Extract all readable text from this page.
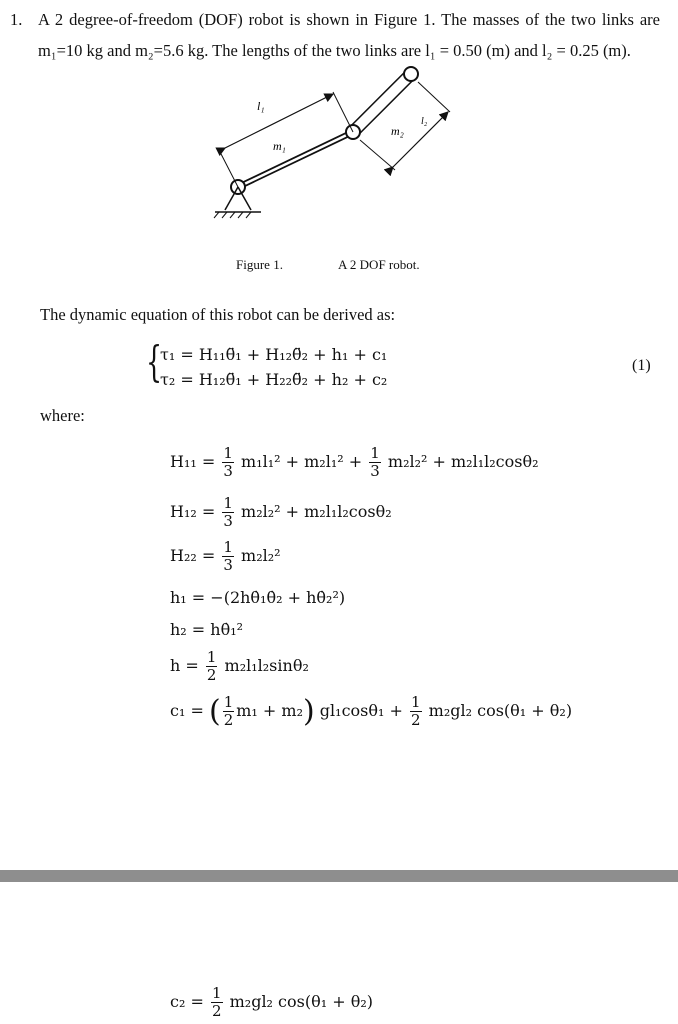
1. A 2 degree-of-freedom (DOF) robot is shown in Figure 1. The masses of the two links are m₁=10 kg and m₂=5.6 kg. The lengths of the two links are l₁ = 0.50 (m) and l₂ = 0.25 (m).
l₁
m₁
m₂
l₂
Figure 1.	A 2 DOF robot.
The dynamic equation of this robot can be derived as:
{
τ₁ = H₁₁θ̈₁ + H₁₂θ̈₂ + h₁ + c₁
τ₂ = H₁₂θ̈₁ + H₂₂θ̈₂ + h₂ + c₂
(1)
where:
$H_{11} = \frac{1}{3} m_1l_1^2 + m_2l_1^2 + \frac{1}{3} m_2l_2^2 + m_2l_1l_2\cos\theta_2$
$H_{12} = \frac{1}{3} m_2l_2^2 + m_2l_1l_2\cos\theta_2$
$H_{22} = \frac{1}{3} m_2l_2^2$
h₁ = −(2hθ̇₁θ̇₂ + hθ̇₂²)
h₂ = hθ̇₁²
$h = \frac{1}{2} m_2l_1l_2\sin\theta_2$
c₁ = ( $\frac{1}{2} m_1 + m_2$) $gl_1\cos\theta_1 + \frac{1}{2} m_2gl_2$ cos(θ₁ + θ₂)
$c_2 = \frac{1}{2} m_2gl_2$ cos(θ₁ + θ₂)
